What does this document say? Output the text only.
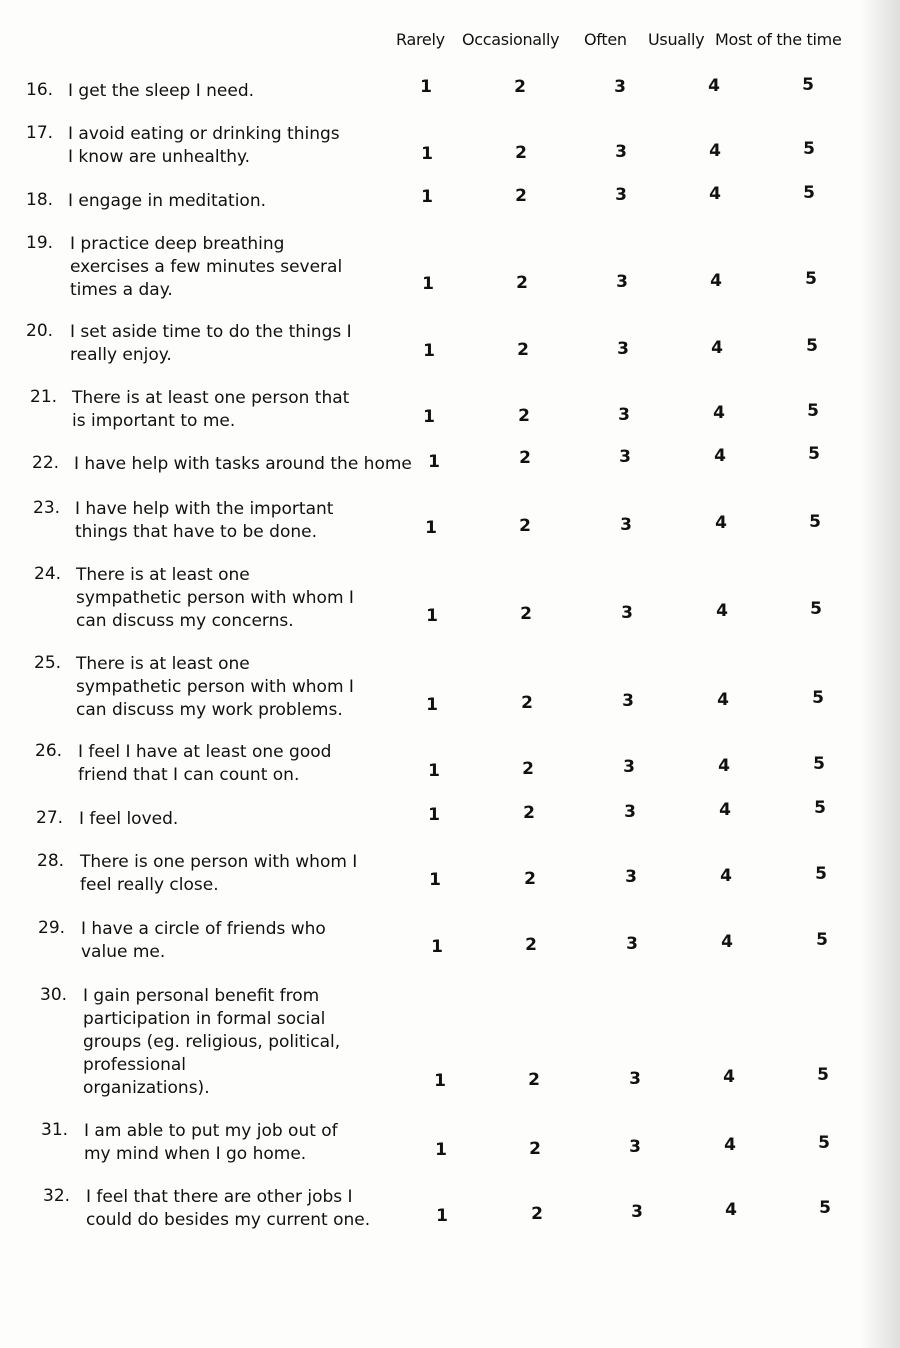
Rarely Occasionally Often Usually Most of the time
16. I get the sleep I need.	1	2	3	4	5
17. I avoid eating or drinking things
I know are unhealthy.	1	2	3	4	5
18. I engage in meditation.	1	2	3	4	5
19. I practice deep breathing
exercises a few minutes several
times a day.	1	2	3	4	5
20. I set aside time to do the things I
really enjoy.	1	2	3	4	5
21. There is at least one person that
is important to me.	1	2	3	4	5
22. I have help with tasks around the home 1	2	3	4	5
23. I have help with the important
things that have to be done.	1	2	3	4	5
24. There is at least one
sympathetic person with whom I
can discuss my concerns.	1	2	3	4	5
25. There is at least one
sympathetic person with whom I
can discuss my work problems.	1	2	3	4	5
26. I feel I have at least one good
friend that I can count on.	1	2	3	4	5
27. I feel loved.	1	2	3	4	5
28. There is one person with whom I
feel really close.	1	2	3	4	5
29. I have a circle of friends who
value me.	1	2	3	4	5
30. I gain personal benefit from
participation in formal social
groups (eg. religious, political,
professional
organizations).	1	2	3	4	5
31. I am able to put my job out of
my mind when I go home.	1	2	3	4	5
32. I feel that there are other jobs I
could do besides my current one.	1	2	3	4	5
